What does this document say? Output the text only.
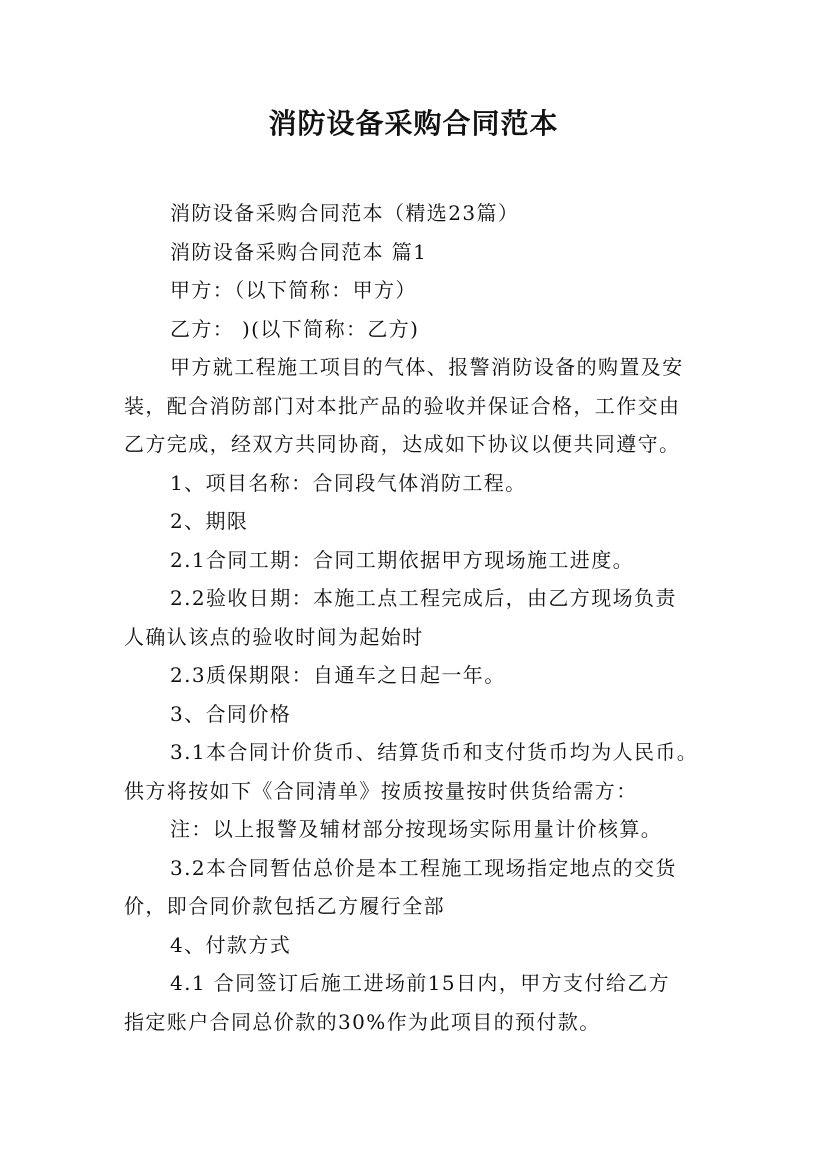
消防设备采购合同范本

消防设备采购合同范本（精选23篇）

消防设备采购合同范本 篇1

甲方：（以下简称：甲方）

乙方： )(以下简称：乙方)

甲方就工程施工项目的气体、报警消防设备的购置及安
装，配合消防部门对本批产品的验收并保证合格，工作交由
乙方完成，经双方共同协商，达成如下协议以便共同遵守。

1、项目名称：合同段气体消防工程。

2、期限

2.1合同工期：合同工期依据甲方现场施工进度。

2.2验收日期：本施工点工程完成后，由乙方现场负责
人确认该点的验收时间为起始时

2.3质保期限：自通车之日起一年。

3、合同价格

3.1本合同计价货币、结算货币和支付货币均为人民币。
供方将按如下《合同清单》按质按量按时供货给需方：

注：以上报警及辅材部分按现场实际用量计价核算。

3.2本合同暂估总价是本工程施工现场指定地点的交货
价，即合同价款包括乙方履行全部

4、付款方式

4.1 合同签订后施工进场前15日内，甲方支付给乙方
指定账户合同总价款的30%作为此项目的预付款。
